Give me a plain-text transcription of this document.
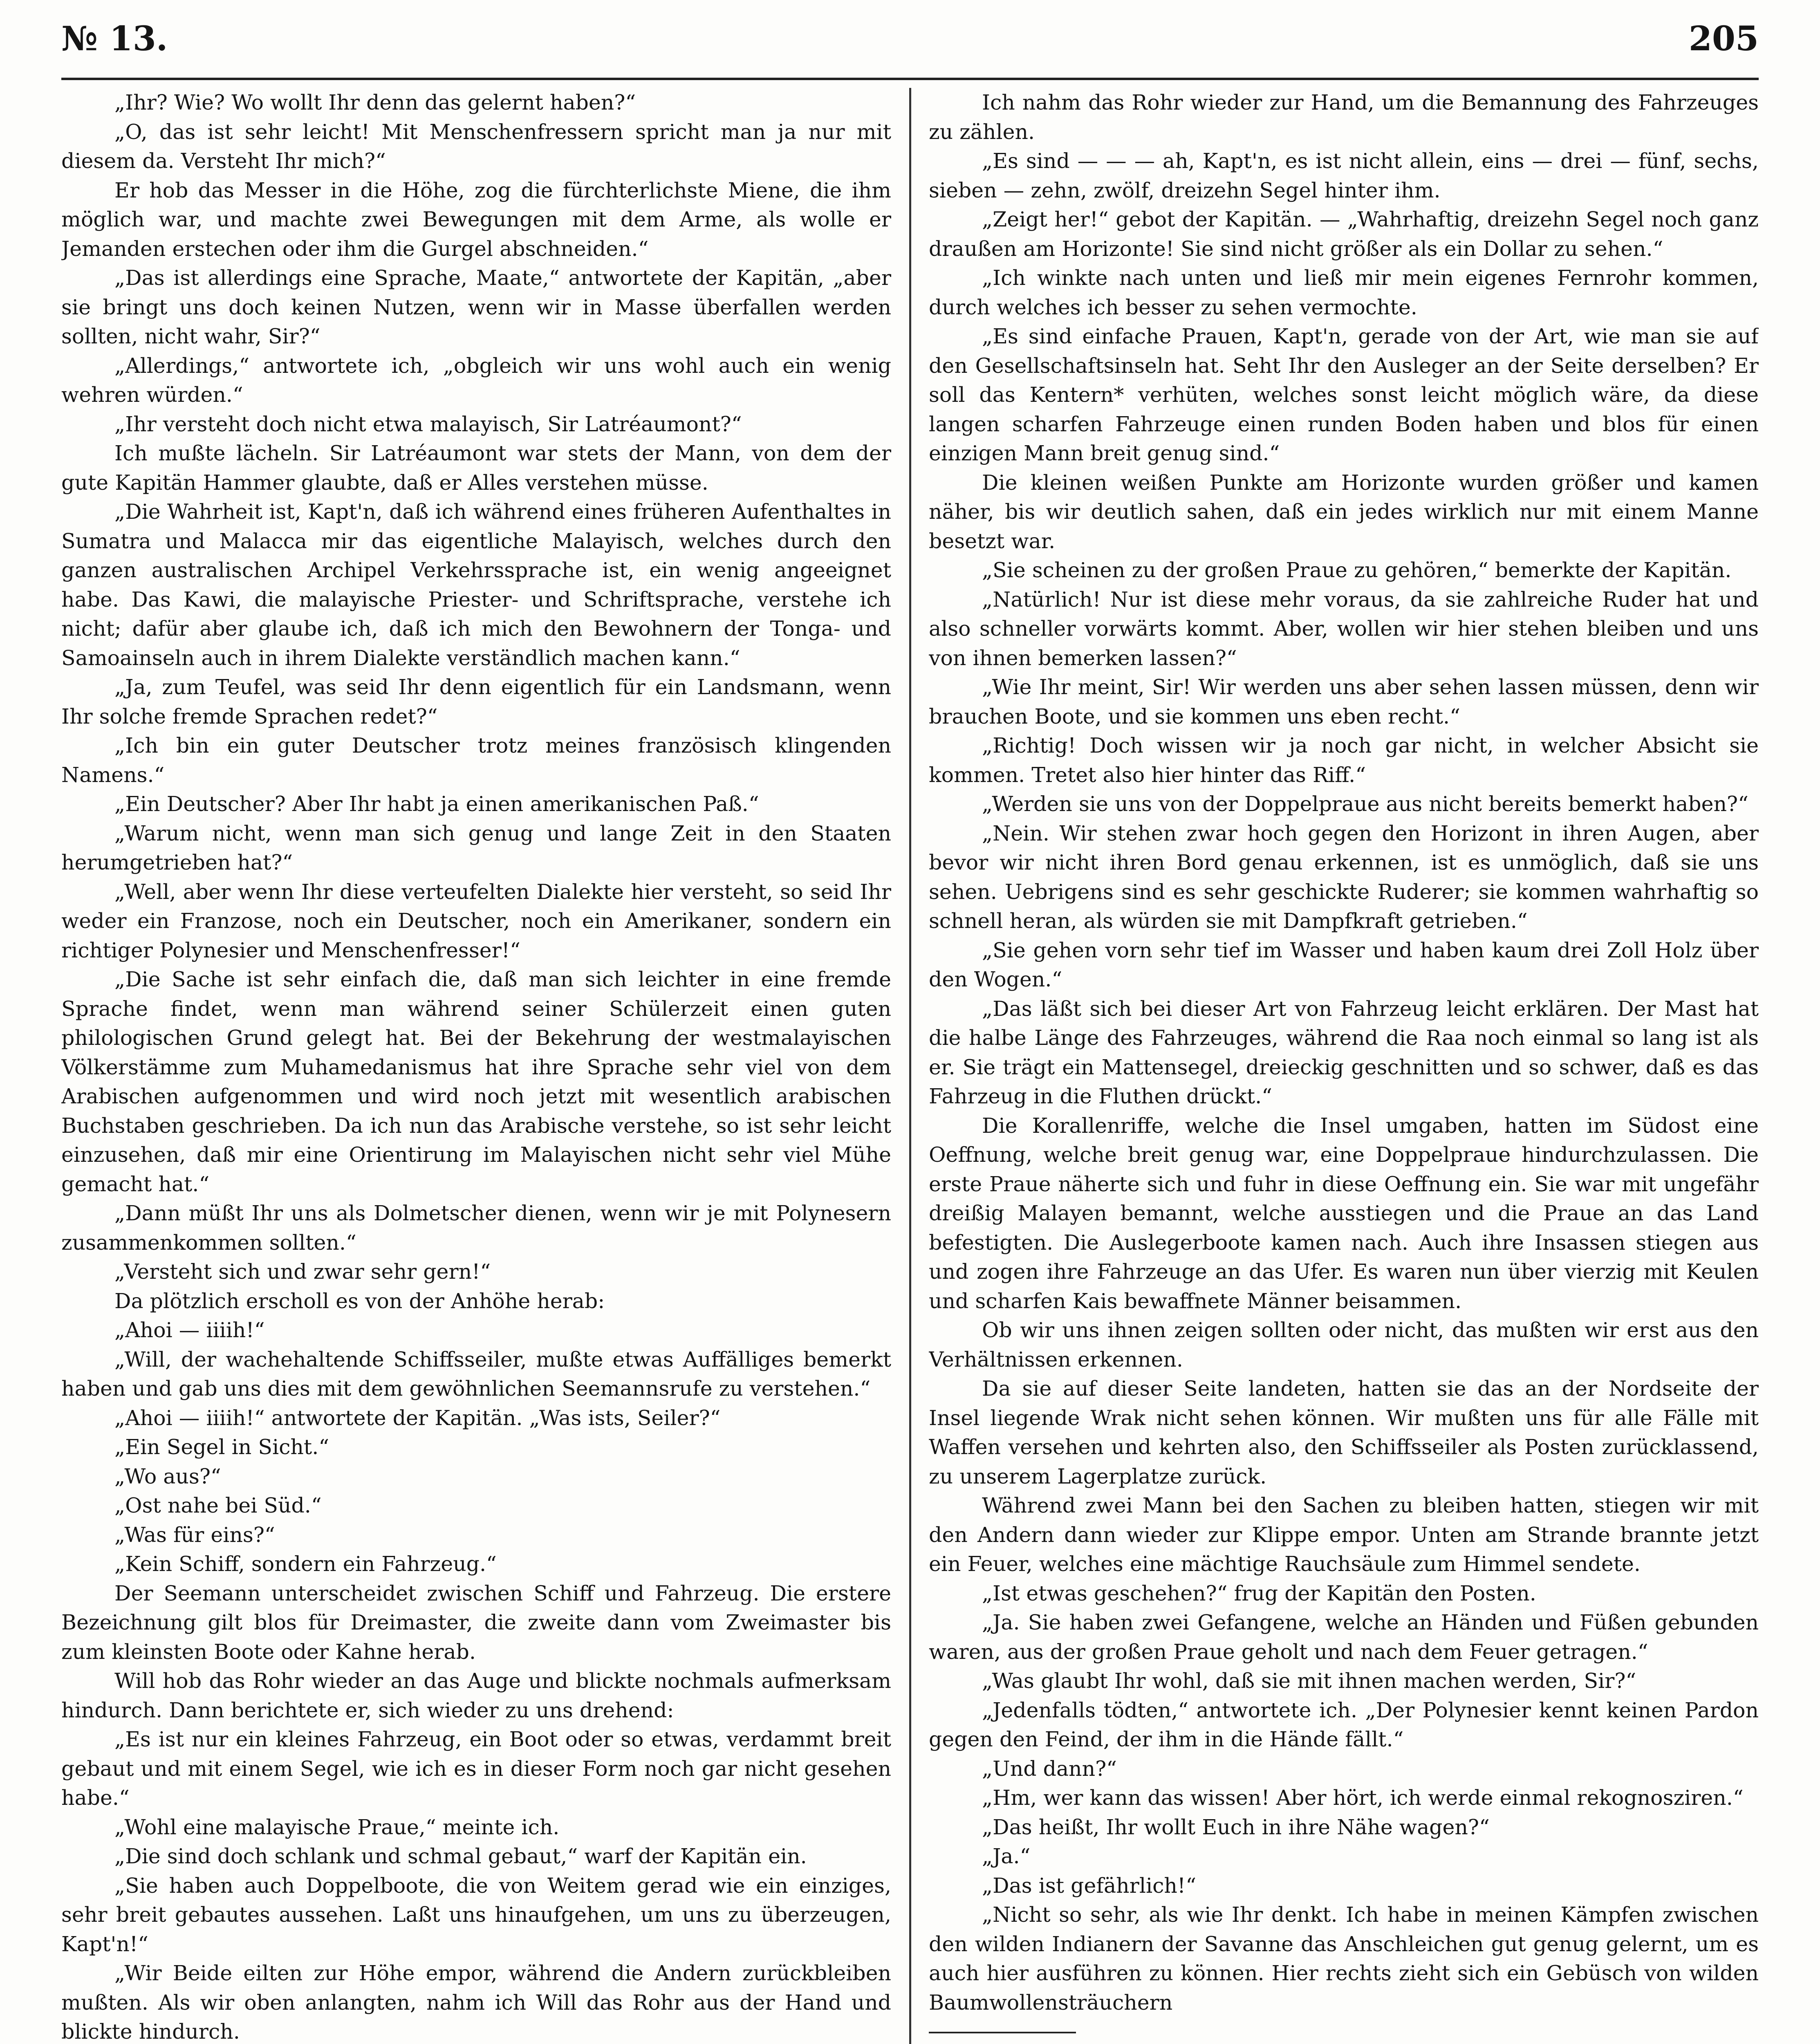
№ 13.	205

„Ihr? Wie? Wo wollt Ihr denn das gelernt haben?“

„O, das ist sehr leicht! Mit Menschenfressern spricht man ja nur mit diesem da. Versteht Ihr mich?“

Er hob das Messer in die Höhe, zog die fürchterlichste Miene, die ihm möglich war, und machte zwei Bewegungen mit dem Arme, als wolle er Jemanden erstechen oder ihm die Gurgel abschneiden.“

„Das ist allerdings eine Sprache, Maate,“ antwortete der Kapitän, „aber sie bringt uns doch keinen Nutzen, wenn wir in Masse überfallen werden sollten, nicht wahr, Sir?“

„Allerdings,“ antwortete ich, „obgleich wir uns wohl auch ein wenig wehren würden.“

„Ihr versteht doch nicht etwa malayisch, Sir Latréaumont?“

Ich mußte lächeln. Sir Latréaumont war stets der Mann, von dem der gute Kapitän Hammer glaubte, daß er Alles verstehen müsse.

„Die Wahrheit ist, Kapt'n, daß ich während eines früheren Aufenthaltes in Sumatra und Malacca mir das eigentliche Malayisch, welches durch den ganzen australischen Archipel Verkehrssprache ist, ein wenig angeeignet habe. Das Kawi, die malayische Priester- und Schriftsprache, verstehe ich nicht; dafür aber glaube ich, daß ich mich den Bewohnern der Tonga- und Samoainseln auch in ihrem Dialekte verständlich machen kann.“

„Ja, zum Teufel, was seid Ihr denn eigentlich für ein Landsmann, wenn Ihr solche fremde Sprachen redet?“

„Ich bin ein guter Deutscher trotz meines französisch klingenden Namens.“

„Ein Deutscher? Aber Ihr habt ja einen amerikanischen Paß.“

„Warum nicht, wenn man sich genug und lange Zeit in den Staaten herumgetrieben hat?“

„Well, aber wenn Ihr diese verteufelten Dialekte hier versteht, so seid Ihr weder ein Franzose, noch ein Deutscher, noch ein Amerikaner, sondern ein richtiger Polynesier und Menschenfresser!“

„Die Sache ist sehr einfach die, daß man sich leichter in eine fremde Sprache findet, wenn man während seiner Schülerzeit einen guten philologischen Grund gelegt hat. Bei der Bekehrung der westmalayischen Völkerstämme zum Muhamedanismus hat ihre Sprache sehr viel von dem Arabischen aufgenommen und wird noch jetzt mit wesentlich arabischen Buchstaben geschrieben. Da ich nun das Arabische verstehe, so ist sehr leicht einzusehen, daß mir eine Orientirung im Malayischen nicht sehr viel Mühe gemacht hat.“

„Dann müßt Ihr uns als Dolmetscher dienen, wenn wir je mit Polynesern zusammenkommen sollten.“

„Versteht sich und zwar sehr gern!“

Da plötzlich erscholl es von der Anhöhe herab:

„Ahoi — iiiih!“

„Will, der wachehaltende Schiffsseiler, mußte etwas Auffälliges bemerkt haben und gab uns dies mit dem gewöhnlichen Seemannsrufe zu verstehen.“

„Ahoi — iiiih!“ antwortete der Kapitän. „Was ists, Seiler?“

„Ein Segel in Sicht.“

„Wo aus?“

„Ost nahe bei Süd.“

„Was für eins?“

„Kein Schiff, sondern ein Fahrzeug.“

Der Seemann unterscheidet zwischen Schiff und Fahrzeug. Die erstere Bezeichnung gilt blos für Dreimaster, die zweite dann vom Zweimaster bis zum kleinsten Boote oder Kahne herab.

Will hob das Rohr wieder an das Auge und blickte nochmals aufmerksam hindurch. Dann berichtete er, sich wieder zu uns drehend:

„Es ist nur ein kleines Fahrzeug, ein Boot oder so etwas, verdammt breit gebaut und mit einem Segel, wie ich es in dieser Form noch gar nicht gesehen habe.“

„Wohl eine malayische Praue,“ meinte ich.

„Die sind doch schlank und schmal gebaut,“ warf der Kapitän ein.

„Sie haben auch Doppelboote, die von Weitem gerad wie ein einziges, sehr breit gebautes aussehen. Laßt uns hinaufgehen, um uns zu überzeugen, Kapt'n!“

„Wir Beide eilten zur Höhe empor, während die Andern zurückbleiben mußten. Als wir oben anlangten, nahm ich Will das Rohr aus der Hand und blickte hindurch.

Ich nahm das Rohr wieder zur Hand, um die Bemannung des Fahrzeuges zu zählen.

„Es sind — — — ah, Kapt'n, es ist nicht allein, eins — drei — fünf, sechs, sieben — zehn, zwölf, dreizehn Segel hinter ihm.

„Zeigt her!“ gebot der Kapitän. — „Wahrhaftig, dreizehn Segel noch ganz draußen am Horizonte! Sie sind nicht größer als ein Dollar zu sehen.“

„Ich winkte nach unten und ließ mir mein eigenes Fernrohr kommen, durch welches ich besser zu sehen vermochte.

„Es sind einfache Prauen, Kapt'n, gerade von der Art, wie man sie auf den Gesellschaftsinseln hat. Seht Ihr den Ausleger an der Seite derselben? Er soll das Kentern* verhüten, welches sonst leicht möglich wäre, da diese langen scharfen Fahrzeuge einen runden Boden haben und blos für einen einzigen Mann breit genug sind.“

Die kleinen weißen Punkte am Horizonte wurden größer und kamen näher, bis wir deutlich sahen, daß ein jedes wirklich nur mit einem Manne besetzt war.

„Sie scheinen zu der großen Praue zu gehören,“ bemerkte der Kapitän.

„Natürlich! Nur ist diese mehr voraus, da sie zahlreiche Ruder hat und also schneller vorwärts kommt. Aber, wollen wir hier stehen bleiben und uns von ihnen bemerken lassen?“

„Wie Ihr meint, Sir! Wir werden uns aber sehen lassen müssen, denn wir brauchen Boote, und sie kommen uns eben recht.“

„Richtig! Doch wissen wir ja noch gar nicht, in welcher Absicht sie kommen. Tretet also hier hinter das Riff.“

„Werden sie uns von der Doppelpraue aus nicht bereits bemerkt haben?“

„Nein. Wir stehen zwar hoch gegen den Horizont in ihren Augen, aber bevor wir nicht ihren Bord genau erkennen, ist es unmöglich, daß sie uns sehen. Uebrigens sind es sehr geschickte Ruderer; sie kommen wahrhaftig so schnell heran, als würden sie mit Dampfkraft getrieben.“

„Sie gehen vorn sehr tief im Wasser und haben kaum drei Zoll Holz über den Wogen.“

„Das läßt sich bei dieser Art von Fahrzeug leicht erklären. Der Mast hat die halbe Länge des Fahrzeuges, während die Raa noch einmal so lang ist als er. Sie trägt ein Mattensegel, dreieckig geschnitten und so schwer, daß es das Fahrzeug in die Fluthen drückt.“

Die Korallenriffe, welche die Insel umgaben, hatten im Südost eine Oeffnung, welche breit genug war, eine Doppelpraue hindurchzulassen. Die erste Praue näherte sich und fuhr in diese Oeffnung ein. Sie war mit ungefähr dreißig Malayen bemannt, welche ausstiegen und die Praue an das Land befestigten. Die Auslegerboote kamen nach. Auch ihre Insassen stiegen aus und zogen ihre Fahrzeuge an das Ufer. Es waren nun über vierzig mit Keulen und scharfen Kais bewaffnete Männer beisammen.

Ob wir uns ihnen zeigen sollten oder nicht, das mußten wir erst aus den Verhältnissen erkennen.

Da sie auf dieser Seite landeten, hatten sie das an der Nordseite der Insel liegende Wrak nicht sehen können. Wir mußten uns für alle Fälle mit Waffen versehen und kehrten also, den Schiffsseiler als Posten zurücklassend, zu unserem Lagerplatze zurück.

Während zwei Mann bei den Sachen zu bleiben hatten, stiegen wir mit den Andern dann wieder zur Klippe empor. Unten am Strande brannte jetzt ein Feuer, welches eine mächtige Rauchsäule zum Himmel sendete.

„Ist etwas geschehen?“ frug der Kapitän den Posten.

„Ja. Sie haben zwei Gefangene, welche an Händen und Füßen gebunden waren, aus der großen Praue geholt und nach dem Feuer getragen.“

„Was glaubt Ihr wohl, daß sie mit ihnen machen werden, Sir?“

„Jedenfalls tödten,“ antwortete ich. „Der Polynesier kennt keinen Pardon gegen den Feind, der ihm in die Hände fällt.“

„Und dann?“

„Hm, wer kann das wissen! Aber hört, ich werde einmal rekognosziren.“

„Das heißt, Ihr wollt Euch in ihre Nähe wagen?“

„Ja.“

„Das ist gefährlich!“

„Nicht so sehr, als wie Ihr denkt. Ich habe in meinen Kämpfen zwischen den wilden Indianern der Savanne das Anschleichen gut genug gelernt, um es auch hier ausführen zu können. Hier rechts zieht sich ein Gebüsch von wilden Baumwollensträuchern
